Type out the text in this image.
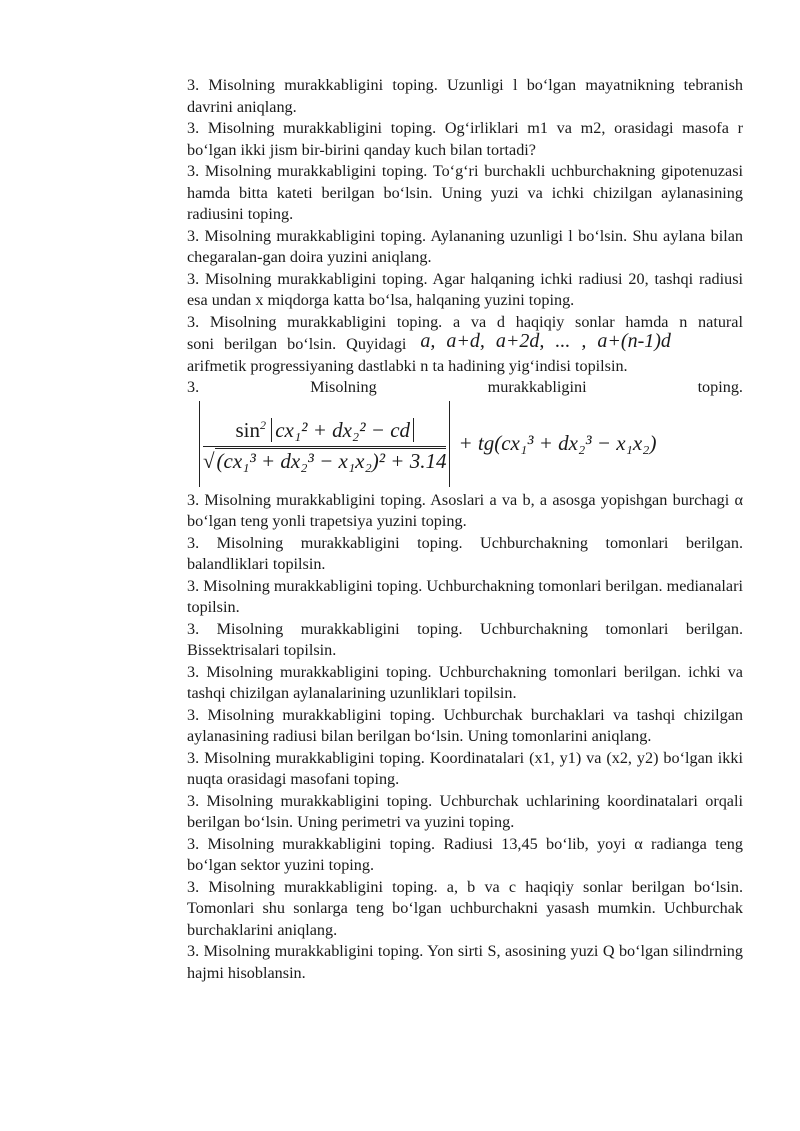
3. Misolning murakkabligini toping. Uzunligi l bo‘lgan mayatnikning tebranish davrini aniqlang.

3. Misolning murakkabligini toping. Og‘irliklari m1 va m2, orasidagi masofa r bo‘lgan ikki jism bir-birini qanday kuch bilan tortadi?

3. Misolning murakkabligini toping. To‘g‘ri burchakli uchburchakning gipotenuzasi hamda bitta kateti berilgan bo‘lsin. Uning yuzi va ichki chizilgan aylanasining radiusini toping.

3. Misolning murakkabligini toping. Aylananing uzunligi l bo‘lsin. Shu aylana bilan chegaralan-gan doira yuzini aniqlang.

3. Misolning murakkabligini toping. Agar halqaning ichki radiusi 20, tashqi radiusi esa undan x miqdorga katta bo‘lsa, halqaning yuzini toping.

3. Misolning murakkabligini toping. a va d haqiqiy sonlar hamda n natural

soni berilgan bo‘lsin. Quyidagi a, a+d, a+2d, ... , a+(n-1)d

arifmetik progressiyaning dastlabki n ta hadining yig‘indisi topilsin.

3.	Misolning	murakkabligini	toping.
$\frac{\sin^2 cx_1^2 + dx_2^2 - cd}{\text{√(cx₁³ + dx₂³ − x₁x₂)² + 3.14}} + tg(cx_1^3 + dx_2^3 - x_1x_2)$

3. Misolning murakkabligini toping. Asoslari a va b, a asosga yopishgan burchagi α bo‘lgan teng yonli trapetsiya yuzini toping.

3. Misolning murakkabligini toping. Uchburchakning tomonlari berilgan. balandliklari topilsin.

3. Misolning murakkabligini toping. Uchburchakning tomonlari berilgan. medianalari topilsin.

3. Misolning murakkabligini toping. Uchburchakning tomonlari berilgan. Bissektrisalari topilsin.

3. Misolning murakkabligini toping. Uchburchakning tomonlari berilgan. ichki va tashqi chizilgan aylanalarining uzunliklari topilsin.

3. Misolning murakkabligini toping. Uchburchak burchaklari va tashqi chizilgan aylanasining radiusi bilan berilgan bo‘lsin. Uning tomonlarini aniqlang.

3. Misolning murakkabligini toping. Koordinatalari (x1, y1) va (x2, y2) bo‘lgan ikki nuqta orasidagi masofani toping.

3. Misolning murakkabligini toping. Uchburchak uchlarining koordinatalari orqali berilgan bo‘lsin. Uning perimetri va yuzini toping.

3. Misolning murakkabligini toping. Radiusi 13,45 bo‘lib, yoyi α radianga teng bo‘lgan sektor yuzini toping.

3. Misolning murakkabligini toping. a, b va c haqiqiy sonlar berilgan bo‘lsin. Tomonlari shu sonlarga teng bo‘lgan uchburchakni yasash mumkin. Uchburchak burchaklarini aniqlang.

3. Misolning murakkabligini toping. Yon sirti S, asosining yuzi Q bo‘lgan silindrning hajmi hisoblansin.
